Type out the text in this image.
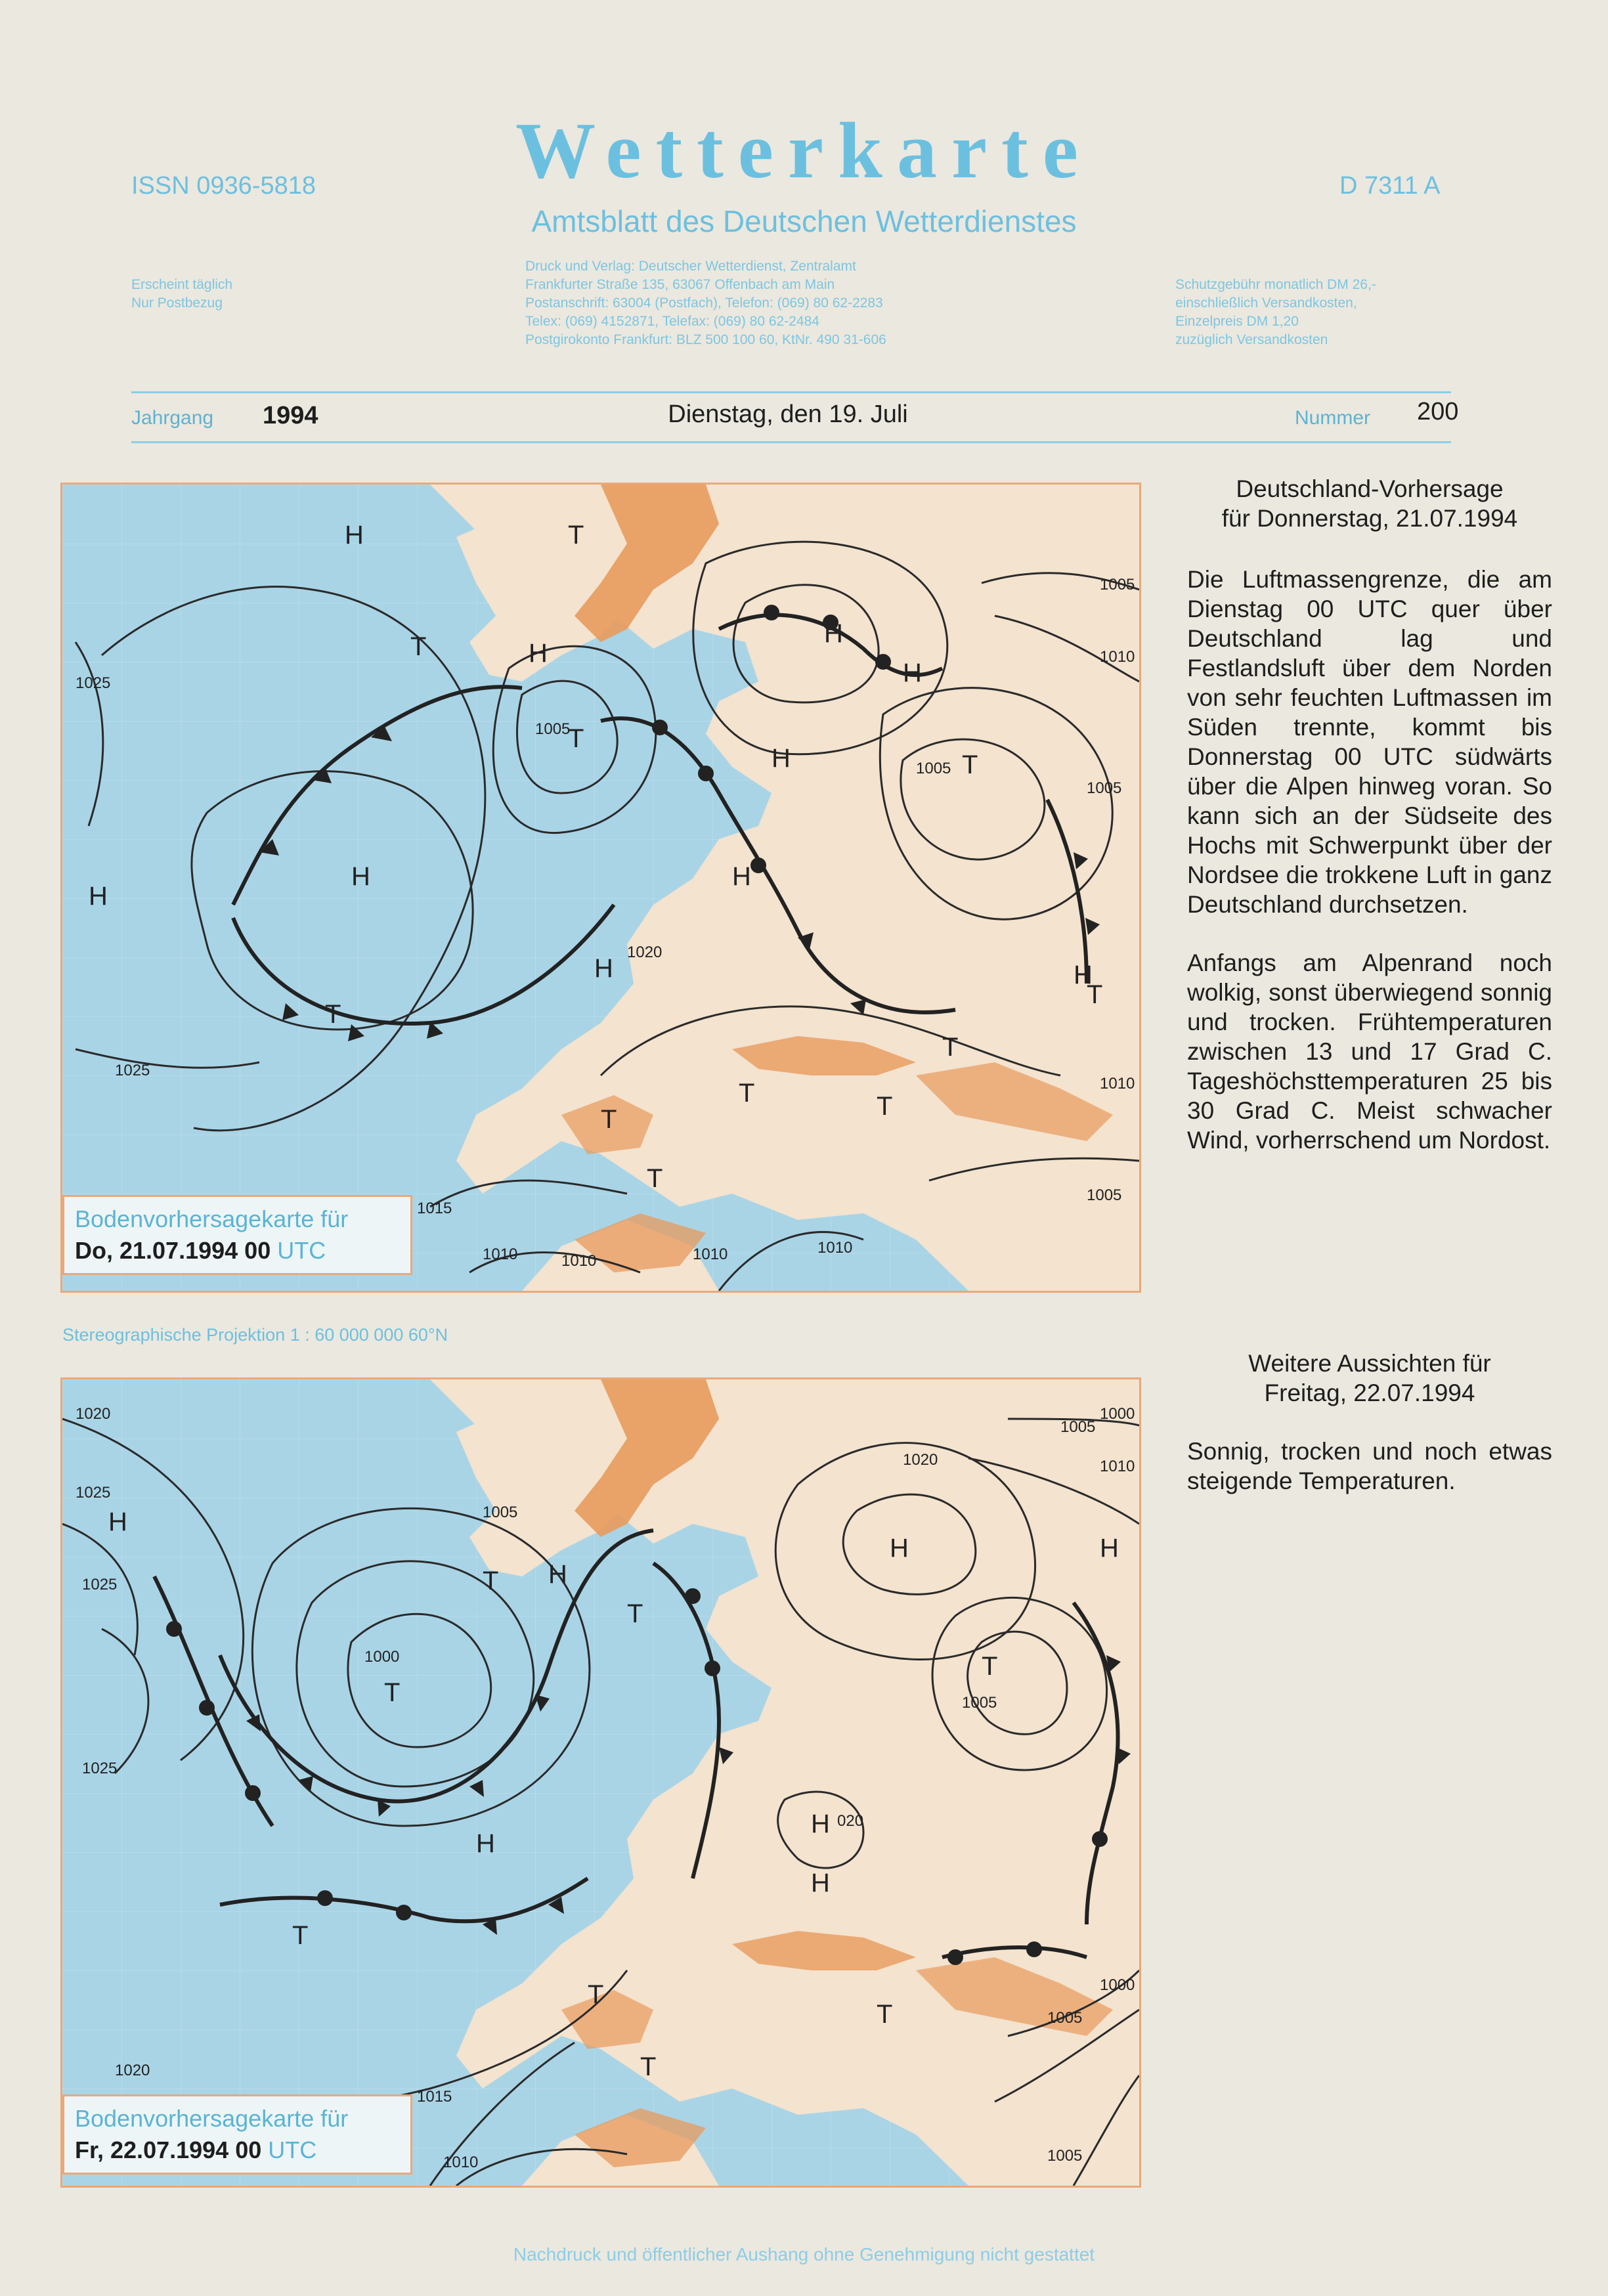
ISSN 0936-5818	Wetterkarte	D 7311 A
Amtsblatt des Deutschen Wetterdienstes
Erscheint täglich
Nur Postbezug
Druck und Verlag: Deutscher Wetterdienst, Zentralamt
Frankfurter Straße 135, 63067 Offenbach am Main
Postanschrift: 63004 (Postfach), Telefon: (069) 80 62-2283
Telex: (069) 4152871, Telefax: (069) 80 62-2484
Postgirokonto Frankfurt: BLZ 500 100 60, KtNr. 490 31-606
Schutzgebühr monatlich DM 26,-
einschließlich Versandkosten,
Einzelpreis DM 1,20
zuzüglich Versandkosten
Jahrgang 1994	Dienstag, den 19. Juli	Nummer 200
H
H
H
H
H
H
H
H
H	H
T
T
T
T
T
T
T
T
T	T
T
1025
1005
1020
1015
1010	1010	1010	1010
1005
1010
1005
1005
1010
1005
1025
Bodenvorhersagekarte für
Do, 21.07.1994 00 UTC
Stereographische Projektion 1 : 60 000 000 60°N
H
H
H	H
H
H
H
T
T
T
T
T
T
T
T
1020
1025
1025
1025
1005
1000
1020	1010
1005
1000
1005
020
1005
1000
1020
1015
1010	1005
Bodenvorhersagekarte für
Fr, 22.07.1994 00 UTC
Deutschland-Vorhersage
für Donnerstag, 21.07.1994

Die Luftmassengrenze, die am Dienstag 00 UTC quer über Deutschland lag und Festlandsluft über dem Norden von sehr feuchten Luftmassen im Süden trennte, kommt bis Donnerstag 00 UTC südwärts über die Alpen hinweg voran. So kann sich an der Südseite des Hochs mit Schwerpunkt über der Nordsee die trokkene Luft in ganz Deutschland durchsetzen.

Anfangs am Alpenrand noch wolkig, sonst überwiegend sonnig und trocken. Frühtemperaturen zwischen 13 und 17 Grad C. Tageshöchsttemperaturen 25 bis 30 Grad C. Meist schwacher Wind, vorherrschend um Nordost.

Weitere Aussichten für
Freitag, 22.07.1994

Sonnig, trocken und noch etwas steigende Temperaturen.

Nachdruck und öffentlicher Aushang ohne Genehmigung nicht gestattet
